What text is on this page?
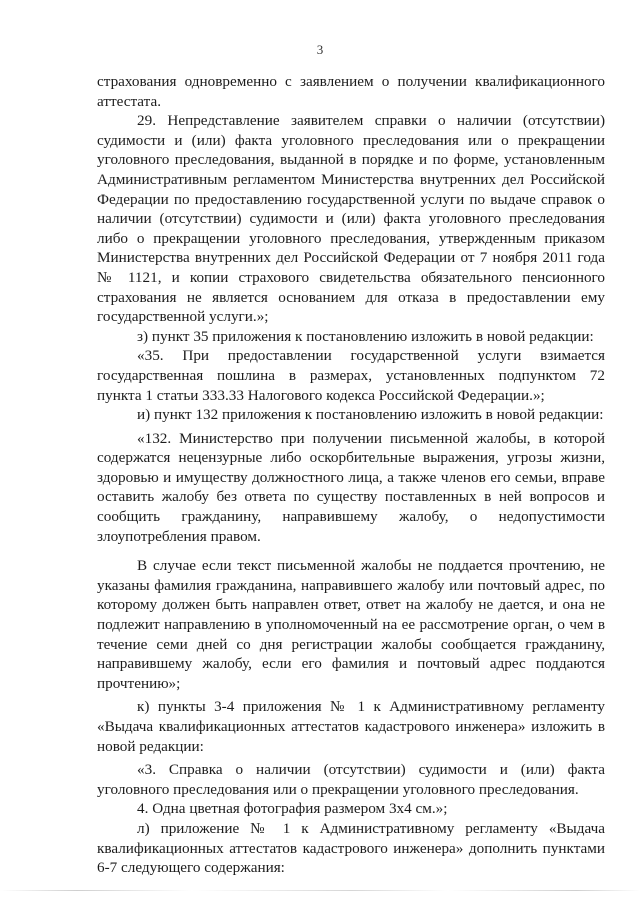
3
страхования одновременно с заявлением о получении квалификационного
аттестата.
29. Непредставление заявителем справки о наличии (отсутствии)
судимости и (или) факта уголовного преследования или о прекращении
уголовного преследования, выданной в порядке и по форме, установленным
Административным регламентом Министерства внутренних дел Российской
Федерации по предоставлению государственной услуги по выдаче справок о
наличии (отсутствии) судимости и (или) факта уголовного преследования
либо о прекращении уголовного преследования, утвержденным приказом
Министерства внутренних дел Российской Федерации от 7 ноября 2011 года
№ 1121, и копии страхового свидетельства обязательного пенсионного
страхования не является основанием для отказа в предоставлении ему
государственной услуги.»;
з) пункт 35 приложения к постановлению изложить в новой редакции:
«35. При предоставлении государственной услуги взимается
государственная пошлина в размерах, установленных подпунктом 72
пункта 1 статьи 333.33 Налогового кодекса Российской Федерации.»;
и) пункт 132 приложения к постановлению изложить в новой редакции:
«132. Министерство при получении письменной жалобы, в которой
содержатся нецензурные либо оскорбительные выражения, угрозы жизни,
здоровью и имуществу должностного лица, а также членов его семьи, вправе
оставить жалобу без ответа по существу поставленных в ней вопросов и
сообщить гражданину, направившему жалобу, о недопустимости
злоупотребления правом.
В случае если текст письменной жалобы не поддается прочтению, не
указаны фамилия гражданина, направившего жалобу или почтовый адрес, по
которому должен быть направлен ответ, ответ на жалобу не дается, и она не
подлежит направлению в уполномоченный на ее рассмотрение орган, о чем в
течение семи дней со дня регистрации жалобы сообщается гражданину,
направившему жалобу, если его фамилия и почтовый адрес поддаются
прочтению»;
к) пункты 3-4 приложения № 1 к Административному регламенту
«Выдача квалификационных аттестатов кадастрового инженера» изложить в
новой редакции:
«3. Справка о наличии (отсутствии) судимости и (или) факта
уголовного преследования или о прекращении уголовного преследования.
4. Одна цветная фотография размером 3х4 см.»;
л) приложение № 1 к Административному регламенту «Выдача
квалификационных аттестатов кадастрового инженера» дополнить пунктами
6-7 следующего содержания:
